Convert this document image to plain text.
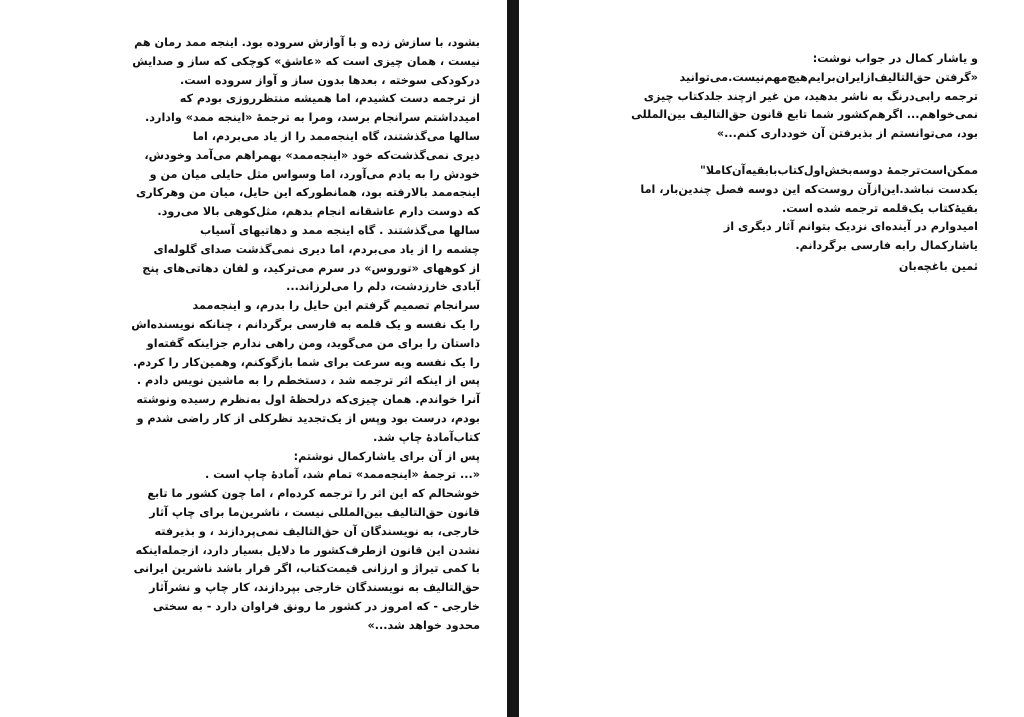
بشود، با سازش زده و با آوازش سروده بود. اینجه ممد رمان هم
نیست ، همان چیزی است که «عاشق» کوچکی که ساز و صدایش
درکودکی سوخته ، بعدها بدون ساز و آواز سروده است.

از ترجمه دست کشیدم، اما همیشه منتظرروزی بودم که
امیدداشتم سرانجام برسد، ومرا به ترجمهٔ «اینجه ممد» وادارد.

سالها می‌گذشتند، گاه اینجه‌ممد را از یاد می‌بردم، اما
دیری نمی‌گذشت‌که خود «اینجه‌ممد» بهمراهم می‌آمد وخودش،
خودش را به یادم می‌آورد، اما وسواس مثل حایلی میان من و
اینجه‌ممد بالارفته بود، همانطورکه این حایل، میان من وهرکاری
که دوست دارم عاشقانه انجام بدهم، مثل‌کوهی بالا می‌رود.

سالها می‌گذشتند . گاه اینجه ممد و دهاتیهای آسیاب
چشمه را از یاد می‌بردم، اما دیری نمی‌گذشت صدای گلوله‌ای
از کوههای «توروس» در سرم می‌ترکید، و لفان دهاتی‌های پنج
آبادی خارزدشت، دلم را می‌لرزاند...

سرانجام تصمیم گرفتم این حایل را بدرم، و اینجه‌ممد
را یک نفسه و یک قلمه به فارسی برگردانم ، چنانکه نویسنده‌اش
داستان را برای من می‌گوید، ومن راهی ندارم جزاینکه گفته‌او
را یک نفسه وبه سرعت برای شما بازگوکنم، وهمین‌کار را کردم.

پس از اینکه اثر ترجمه شد ، دستخطم را به ماشین نویس دادم .
آنرا خواندم. همان چیزی‌که درلحظهٔ اول به‌نظرم رسیده ونوشته
بودم، درست بود وپس از یک‌تجدید نظرکلی از کار راضی شدم و
کتاب‌آمادهٔ چاپ شد.

پس از آن برای یاشارکمال نوشتم:

«... ترجمهٔ «اینجه‌ممد» تمام شد، آمادهٔ چاپ است .
خوشحالم که این اثر را ترجمه کرده‌ام ، اما چون کشور ما تابع
قانون حق‌التالیف بین‌المللی نیست ، ناشرین‌ما برای چاپ آثار
خارجی، به نویسندگان آن حق‌التالیف نمی‌پردازند ، و بذیرفته
نشدن این قانون ازطرف‌کشور ما دلایل بسیار دارد، ازجمله‌اینکه
با کمی تیراژ و ارزانی قیمت‌کتاب، اگر قرار باشد ناشرین ایرانی
حق‌التالیف به نویسندگان خارجی بپردازند، کار چاپ و نشرآثار
خارجی - که امروز در کشور ما رونق فراوان دارد - به سختی
محدود خواهد شد...»

و یاشار کمال در جواب نوشت:
«گرفتن حق‌التالیف‌ازایران‌برایم‌هیچ‌مهم‌نیست.می‌توانید
ترجمه رابی‌درنگ به ناشر بدهید، من غیر ازچند جلدکتاب چیزی
نمی‌خواهم... اگرهم‌کشور شما تابع قانون حق‌التالیف بین‌المللی
بود، می‌توانستم از بذیرفتن آن خودداری کنم...»

ممکن‌است‌ترجمهٔ دوسه‌بخش‌اول‌کتاب‌با‌بقیه‌آن‌کاملا"
یکدست نباشد.این‌ازآن روست‌که این دوسه فصل چندین‌بار، اما
بقیهٔ‌کتاب یک‌قلمه ترجمه شده است.

امیدوارم در آینده‌ای نزدیک بتوانم آثار دیگری از
یاشارکمال رابه فارسی برگردانم.

ثمین باغچه‌بان
